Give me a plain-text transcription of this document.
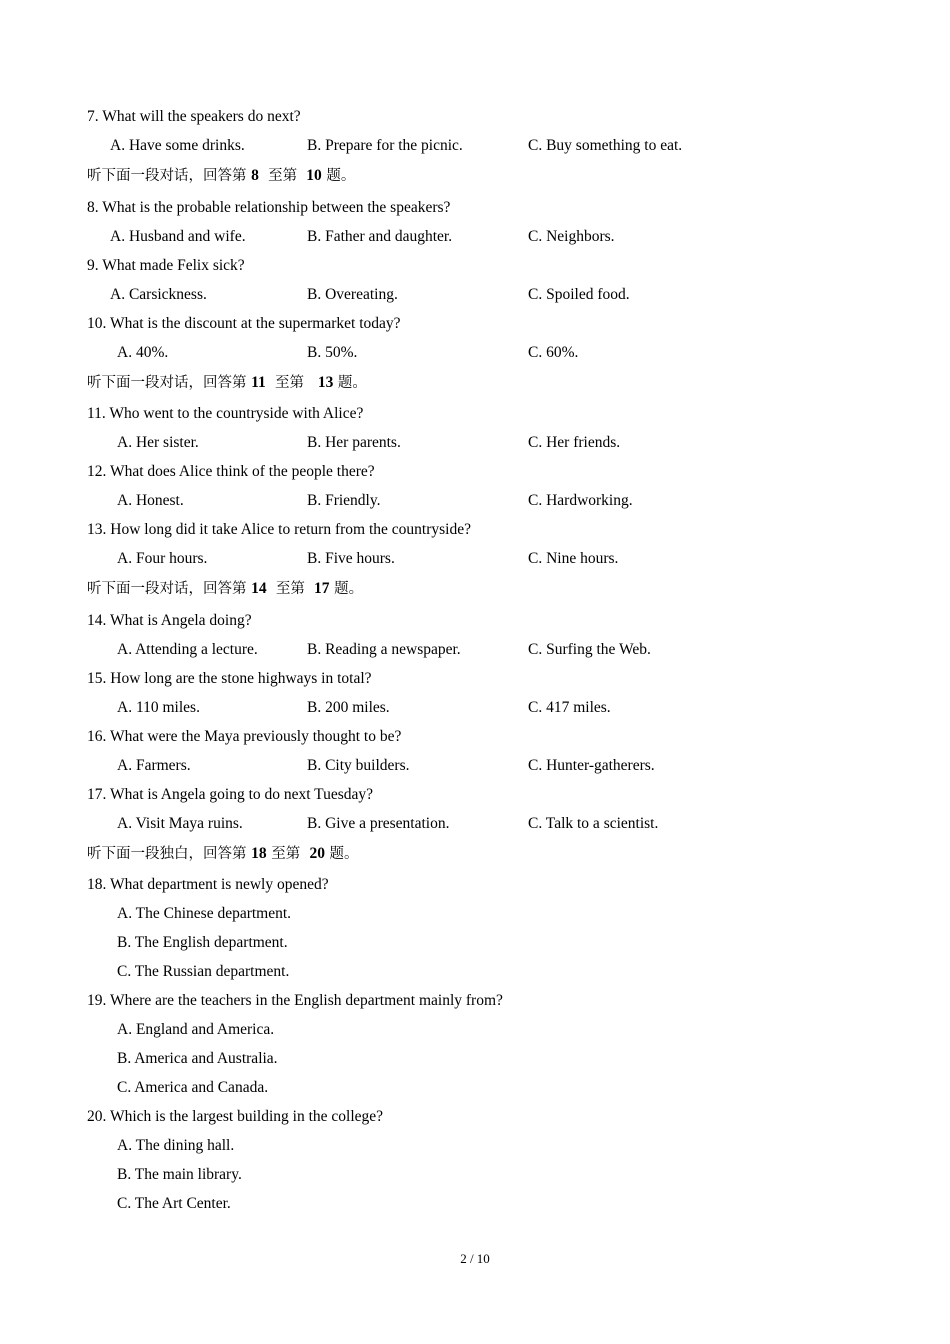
7. What will the speakers do next?
A. Have some drinks.	B. Prepare for the picnic.	C. Buy something to eat.
听下面一段对话，回答第 8 至第 10 题。
8. What is the probable relationship between the speakers?
A. Husband and wife.	B. Father and daughter.	C. Neighbors.
9. What made Felix sick?
A. Carsickness.	B. Overeating.	C. Spoiled food.
10. What is the discount at the supermarket today?
A. 40%.	B. 50%.	C. 60%.
听下面一段对话，回答第 11 至第 13 题。
11. Who went to the countryside with Alice?
A. Her sister.	B. Her parents.	C. Her friends.
12. What does Alice think of the people there?
A. Honest.	B. Friendly.	C. Hardworking.
13. How long did it take Alice to return from the countryside?
A. Four hours.	B. Five hours.	C. Nine hours.
听下面一段对话，回答第 14 至第 17 题。
14. What is Angela doing?
A. Attending a lecture.	B. Reading a newspaper.	C. Surfing the Web.
15. How long are the stone highways in total?
A. 110 miles.	B. 200 miles.	C. 417 miles.
16. What were the Maya previously thought to be?
A. Farmers.	B. City builders.	C. Hunter-gatherers.
17. What is Angela going to do next Tuesday?
A. Visit Maya ruins.	B. Give a presentation.	C. Talk to a scientist.
听下面一段独白，回答第 18 至第 20 题。
18. What department is newly opened?
A. The Chinese department.
B. The English department.
C. The Russian department.
19. Where are the teachers in the English department mainly from?
A. England and America.
B. America and Australia.
C. America and Canada.
20. Which is the largest building in the college?
A. The dining hall.
B. The main library.
C. The Art Center.
2 / 10
